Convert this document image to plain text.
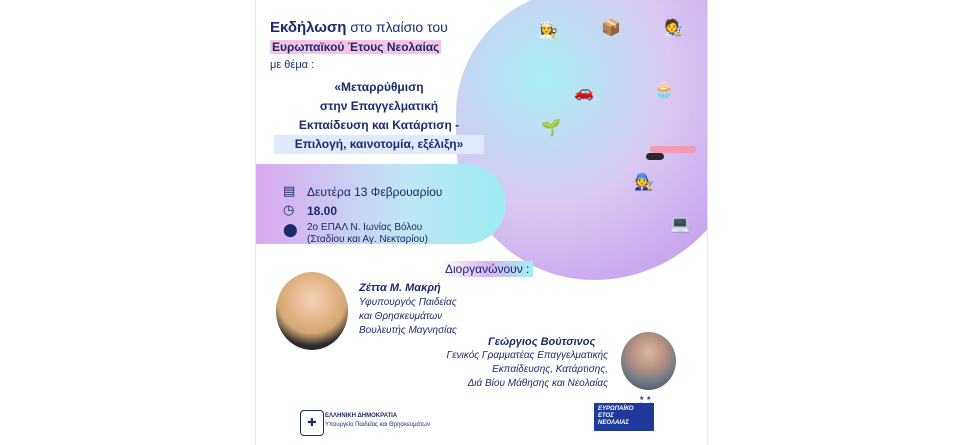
👩‍🍳	📦	🧑‍🎨
🚗	🧁
🌱
🧑‍🔧
💻
Εκδήλωση στο πλαίσιο του
Ευρωπαϊκού Έτους Νεολαίας
με θέμα :
«Μεταρρύθμιση
στην Επαγγελματική
Εκπαίδευση και Κατάρτιση -
Επιλογή, καινοτομία, εξέλιξη»
▤ Δευτέρα 13 Φεβρουαρίου
◷ 18.00
⬤ 2ο ΕΠΑΛ Ν. Ιωνίας Βόλου
(Σταδίου και Αγ. Νεκταρίου)
Διοργανώνουν :
Ζέττα Μ. Μακρή
Υφυπουργός Παιδείας
και Θρησκευμάτων
Βουλευτής Μαγνησίας
Γεώργιος Βούτσινος
Γενικός Γραμματέας Επαγγελματικής
Εκπαίδευσης, Κατάρτισης,
Διά Βίου Μάθησης και Νεολαίας
✚
ΕΛΛΗΝΙΚΗ ΔΗΜΟΚΡΑΤΙΑ
Υπουργείο Παιδείας και Θρησκευμάτων
ΕΥΡΩΠΑΪΚΟ
ΕΤΟΣ
ΝΕΟΛΑΙΑΣ
★ ★
★  ★
★  ★
★  ★
★ ★
